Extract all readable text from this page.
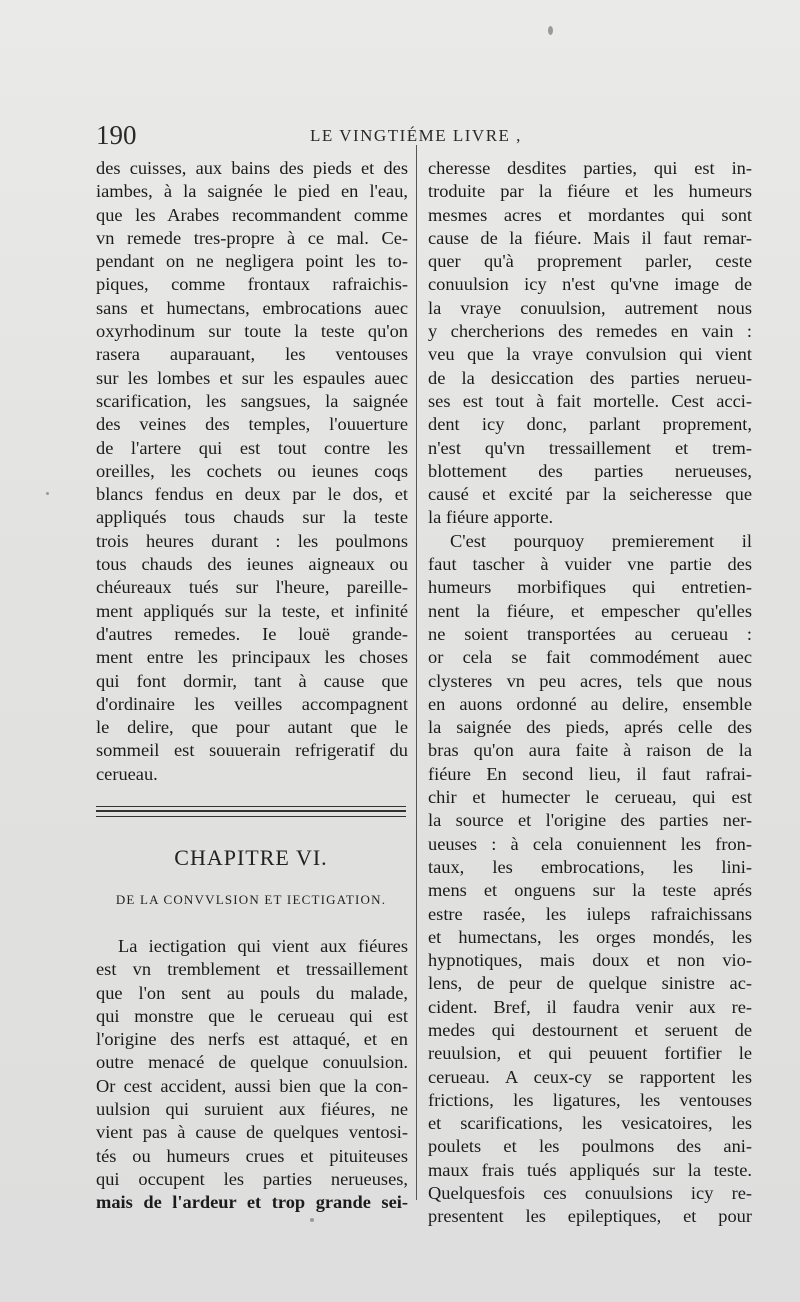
190	LE VINGTIÉME LIVRE ,
des cuisses, aux bains des pieds et des
iambes, à la saignée le pied en l'eau,
que les Arabes recommandent comme
vn remede tres-propre à ce mal. Ce-
pendant on ne negligera point les to-
piques, comme frontaux rafraichis-
sans et humectans, embrocations auec
oxyrhodinum sur toute la teste qu'on
rasera auparauant, les ventouses
sur les lombes et sur les espaules auec
scarification, les sangsues, la saignée
des veines des temples, l'ouuerture
de l'artere qui est tout contre les
oreilles, les cochets ou ieunes coqs
blancs fendus en deux par le dos, et
appliqués tous chauds sur la teste
trois heures durant : les poulmons
tous chauds des ieunes aigneaux ou
chéureaux tués sur l'heure, pareille-
ment appliqués sur la teste, et infinité
d'autres remedes. Ie louë grande-
ment entre les principaux les choses
qui font dormir, tant à cause que
d'ordinaire les veilles accompagnent
le delire, que pour autant que le
sommeil est souuerain refrigeratif du
cerueau.
CHAPITRE VI.
DE LA CONVVLSION ET IECTIGATION.
La iectigation qui vient aux fiéures
est vn tremblement et tressaillement
que l'on sent au pouls du malade,
qui monstre que le cerueau qui est
l'origine des nerfs est attaqué, et en
outre menacé de quelque conuulsion.
Or cest accident, aussi bien que la con-
uulsion qui suruient aux fiéures, ne
vient pas à cause de quelques ventosi-
tés ou humeurs crues et pituiteuses
qui occupent les parties nerueuses,
mais de l'ardeur et trop grande sei-
cheresse desdites parties, qui est in-
troduite par la fiéure et les humeurs
mesmes acres et mordantes qui sont
cause de la fiéure. Mais il faut remar-
quer qu'à proprement parler, ceste
conuulsion icy n'est qu'vne image de
la vraye conuulsion, autrement nous
y chercherions des remedes en vain :
veu que la vraye convulsion qui vient
de la desiccation des parties nerueu-
ses est tout à fait mortelle. Cest acci-
dent icy donc, parlant proprement,
n'est qu'vn tressaillement et trem-
blottement des parties nerueuses,
causé et excité par la seicheresse que
la fiéure apporte.
C'est pourquoy premierement il
faut tascher à vuider vne partie des
humeurs morbifiques qui entretien-
nent la fiéure, et empescher qu'elles
ne soient transportées au cerueau :
or cela se fait commodément auec
clysteres vn peu acres, tels que nous
en auons ordonné au delire, ensemble
la saignée des pieds, aprés celle des
bras qu'on aura faite à raison de la
fiéure En second lieu, il faut rafrai-
chir et humecter le cerueau, qui est
la source et l'origine des parties ner-
ueuses : à cela conuiennent les fron-
taux, les embrocations, les lini-
mens et onguens sur la teste aprés
estre rasée, les iuleps rafraichissans
et humectans, les orges mondés, les
hypnotiques, mais doux et non vio-
lens, de peur de quelque sinistre ac-
cident. Bref, il faudra venir aux re-
medes qui destournent et seruent de
reuulsion, et qui peuuent fortifier le
cerueau. A ceux-cy se rapportent les
frictions, les ligatures, les ventouses
et scarifications, les vesicatoires, les
poulets et les poulmons des ani-
maux frais tués appliqués sur la teste.
Quelquesfois ces conuulsions icy re-
presentent les epileptiques, et pour
